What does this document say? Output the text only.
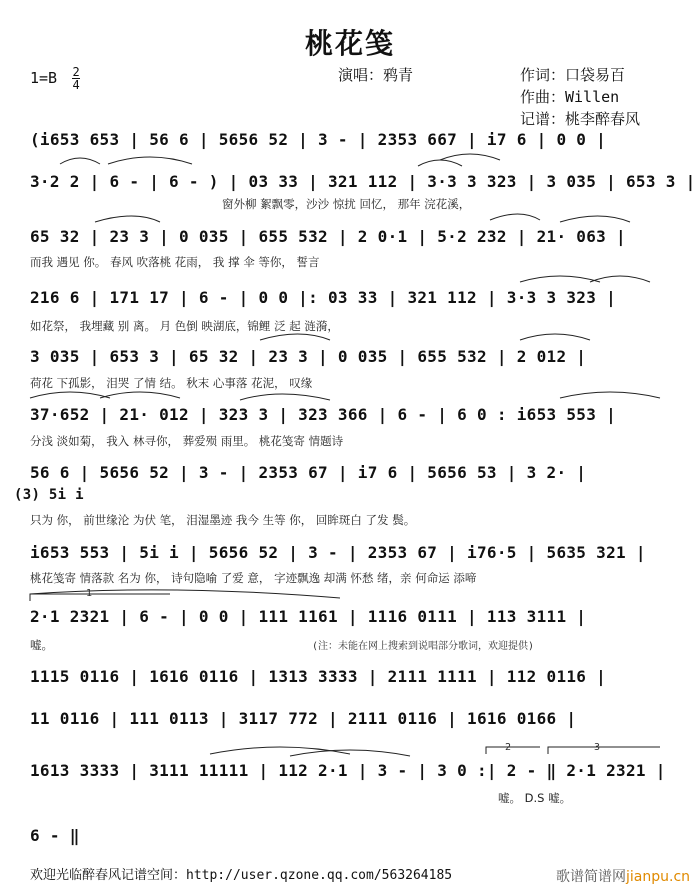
桃花笺
$1=B \frac{2}{4}$	演唱：鸦青	作词：口袋易百
作曲：Willen
记谱：桃李醉春风
(i653 653 | 56 6 | 5656 52 | 3 - | 2353 667 | i7 6 | 0 0 |
3·2 2 | 6 - | 6 - ) | 03 33 | 321 112 | 3·3 3 323 | 3 035 | 653 3 |
窗外柳 絮飘零，沙沙 惊扰 回忆， 那年 浣花溪，
65 32 | 23 3 | 0 035 | 655 532 | 2 0·1 | 5·2 232 | 21· 063 |
而我 遇见 你。 春风 吹落桃 花雨， 我 撑 伞 等你， 誓言
216 6 | 171 17 | 6 - | 0 0 |: 03 33 | 321 112 | 3·3 3 323 |
如花祭， 我埋藏 别 离。 月 色倒 映湖底，锦鲤 泛 起 涟漪，
3 035 | 653 3 | 65 32 | 23 3 | 0 035 | 655 532 | 2 012 |
荷花 下孤影， 泪哭 了情 结。 秋末 心事落 花泥， 叹缘
37·652 | 21· 012 | 323 3 | 323 366 | 6 - | 6 0 : i653 553 |
分浅 淡如菊， 我入 林寻你， 葬爱殒 雨里。 桃花笺寄 情题诗
56 6 | 5656 52 | 3 - | 2353 67 | i7 6 | 5656 53 | 3 2· |
(3) 5i i
只为 你， 前世缘沦 为伏 笔， 泪湿墨迹 我今 生等 你， 回眸斑白 了发 鬓。
i653 553 | 5i i | 5656 52 | 3 - | 2353 67 | i76·5 | 5635 321 |
桃花笺寄 情落款 名为 你， 诗句隐喻 了爱 意， 字迹飘逸 却满 怀愁 绪，亲 何命运 添啼
1
2·1 2321 | 6 - | 0 0 | 111 1161 | 1116 0111 | 113 3111 |
嘘。	(注：未能在网上搜索到说唱部分歌词，欢迎提供)
1115 0116 | 1616 0116 | 1313 3333 | 2111 1111 | 112 0116 |
11 0116 | 111 0113 | 3117 772 | 2111 0116 | 1616 0166 |
2	3
1613 3333 | 3111 11111 | 112 2·1 | 3 - | 3 0 :| 2 - ‖ 2·1 2321 |
嘘。 D.S 嘘。
6 - ‖
欢迎光临醉春风记谱空间：http://user.qzone.qq.com/563264185	歌谱简谱网jianpu.cn
